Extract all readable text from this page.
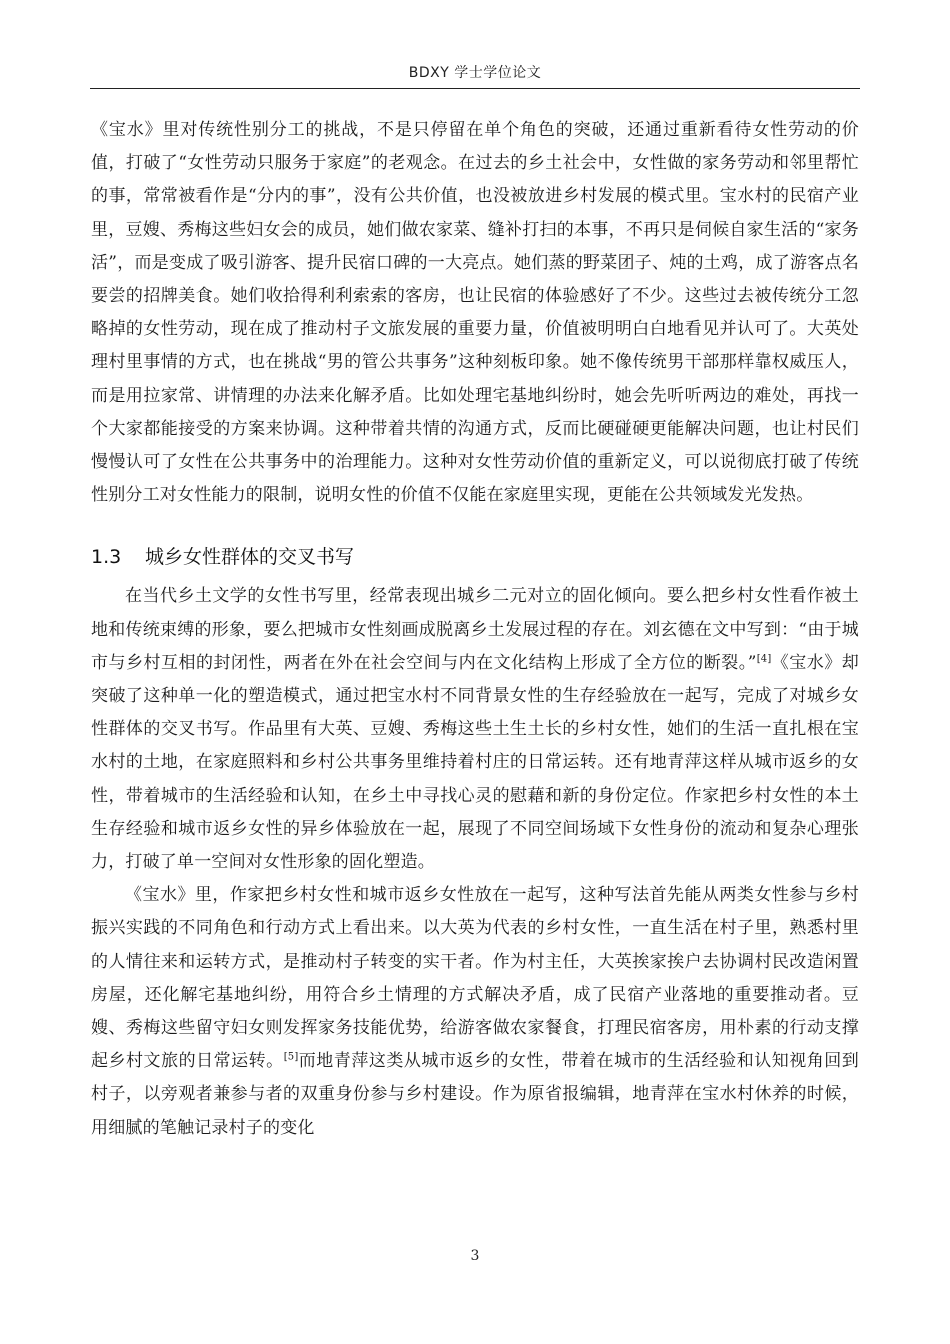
BDXY 学士学位论文

《宝水》里对传统性别分工的挑战，不是只停留在单个角色的突破，还通过重新看待女性劳动的价值，打破了“女性劳动只服务于家庭”的老观念。在过去的乡土社会中，女性做的家务劳动和邻里帮忙的事，常常被看作是“分内的事”，没有公共价值，也没被放进乡村发展的模式里。宝水村的民宿产业里，豆嫂、秀梅这些妇女会的成员，她们做农家菜、缝补打扫的本事，不再只是伺候自家生活的“家务活”，而是变成了吸引游客、提升民宿口碑的一大亮点。她们蒸的野菜团子、炖的土鸡，成了游客点名要尝的招牌美食。她们收拾得利利索索的客房，也让民宿的体验感好了不少。这些过去被传统分工忽略掉的女性劳动，现在成了推动村子文旅发展的重要力量，价值被明明白白地看见并认可了。大英处理村里事情的方式，也在挑战“男的管公共事务”这种刻板印象。她不像传统男干部那样靠权威压人，而是用拉家常、讲情理的办法来化解矛盾。比如处理宅基地纠纷时，她会先听听两边的难处，再找一个大家都能接受的方案来协调。这种带着共情的沟通方式，反而比硬碰硬更能解决问题，也让村民们慢慢认可了女性在公共事务中的治理能力。这种对女性劳动价值的重新定义，可以说彻底打破了传统性别分工对女性能力的限制，说明女性的价值不仅能在家庭里实现，更能在公共领域发光发热。

1.3 城乡女性群体的交叉书写

在当代乡土文学的女性书写里，经常表现出城乡二元对立的固化倾向。要么把乡村女性看作被土地和传统束缚的形象，要么把城市女性刻画成脱离乡土发展过程的存在。刘玄德在文中写到：“由于城市与乡村互相的封闭性，两者在外在社会空间与内在文化结构上形成了全方位的断裂。”[4]《宝水》却突破了这种单一化的塑造模式，通过把宝水村不同背景女性的生存经验放在一起写，完成了对城乡女性群体的交叉书写。作品里有大英、豆嫂、秀梅这些土生土长的乡村女性，她们的生活一直扎根在宝水村的土地，在家庭照料和乡村公共事务里维持着村庄的日常运转。还有地青萍这样从城市返乡的女性，带着城市的生活经验和认知，在乡土中寻找心灵的慰藉和新的身份定位。作家把乡村女性的本土生存经验和城市返乡女性的异乡体验放在一起，展现了不同空间场域下女性身份的流动和复杂心理张力，打破了单一空间对女性形象的固化塑造。

《宝水》里，作家把乡村女性和城市返乡女性放在一起写，这种写法首先能从两类女性参与乡村振兴实践的不同角色和行动方式上看出来。以大英为代表的乡村女性，一直生活在村子里，熟悉村里的人情往来和运转方式，是推动村子转变的实干者。作为村主任，大英挨家挨户去协调村民改造闲置房屋，还化解宅基地纠纷，用符合乡土情理的方式解决矛盾，成了民宿产业落地的重要推动者。豆嫂、秀梅这些留守妇女则发挥家务技能优势，给游客做农家餐食，打理民宿客房，用朴素的行动支撑起乡村文旅的日常运转。[5]而地青萍这类从城市返乡的女性，带着在城市的生活经验和认知视角回到村子，以旁观者兼参与者的双重身份参与乡村建设。作为原省报编辑，地青萍在宝水村休养的时候，用细腻的笔触记录村子的变化

3
